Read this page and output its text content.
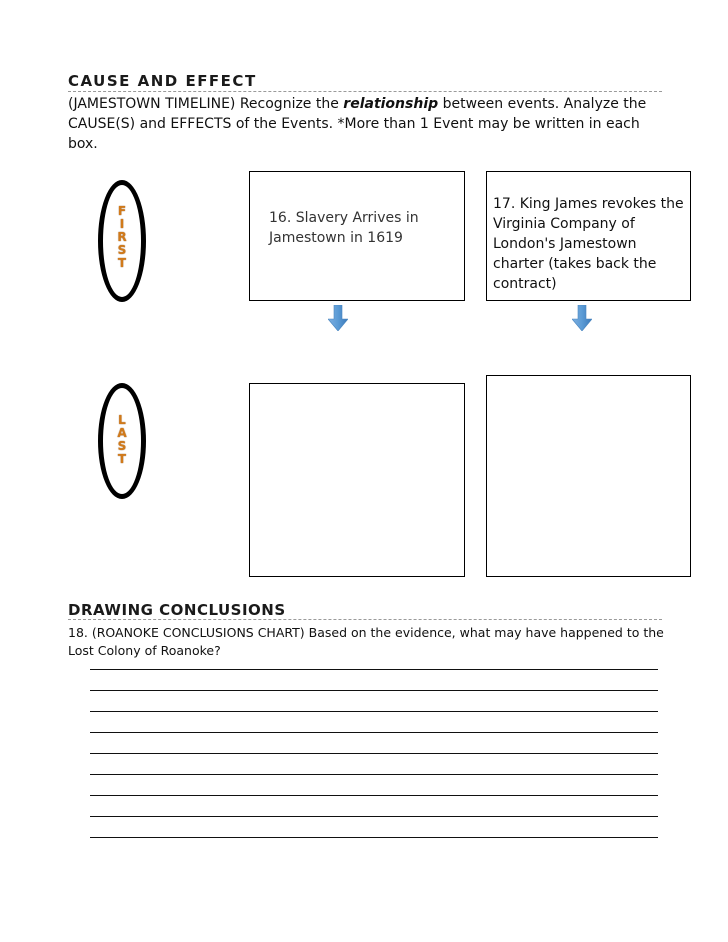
CAUSE AND EFFECT
(JAMESTOWN TIMELINE) Recognize the relationship between events. Analyze the CAUSE(S) and EFFECTS of the Events. *More than 1 Event may be written in each box.
F
I
R
S
T
L
A
S
T
16. Slavery Arrives in Jamestown in 1619
17. King James revokes the Virginia Company of London's Jamestown charter (takes back the contract)
DRAWING CONCLUSIONS
18. (ROANOKE CONCLUSIONS CHART) Based on the evidence, what may have happened to the Lost Colony of Roanoke?
